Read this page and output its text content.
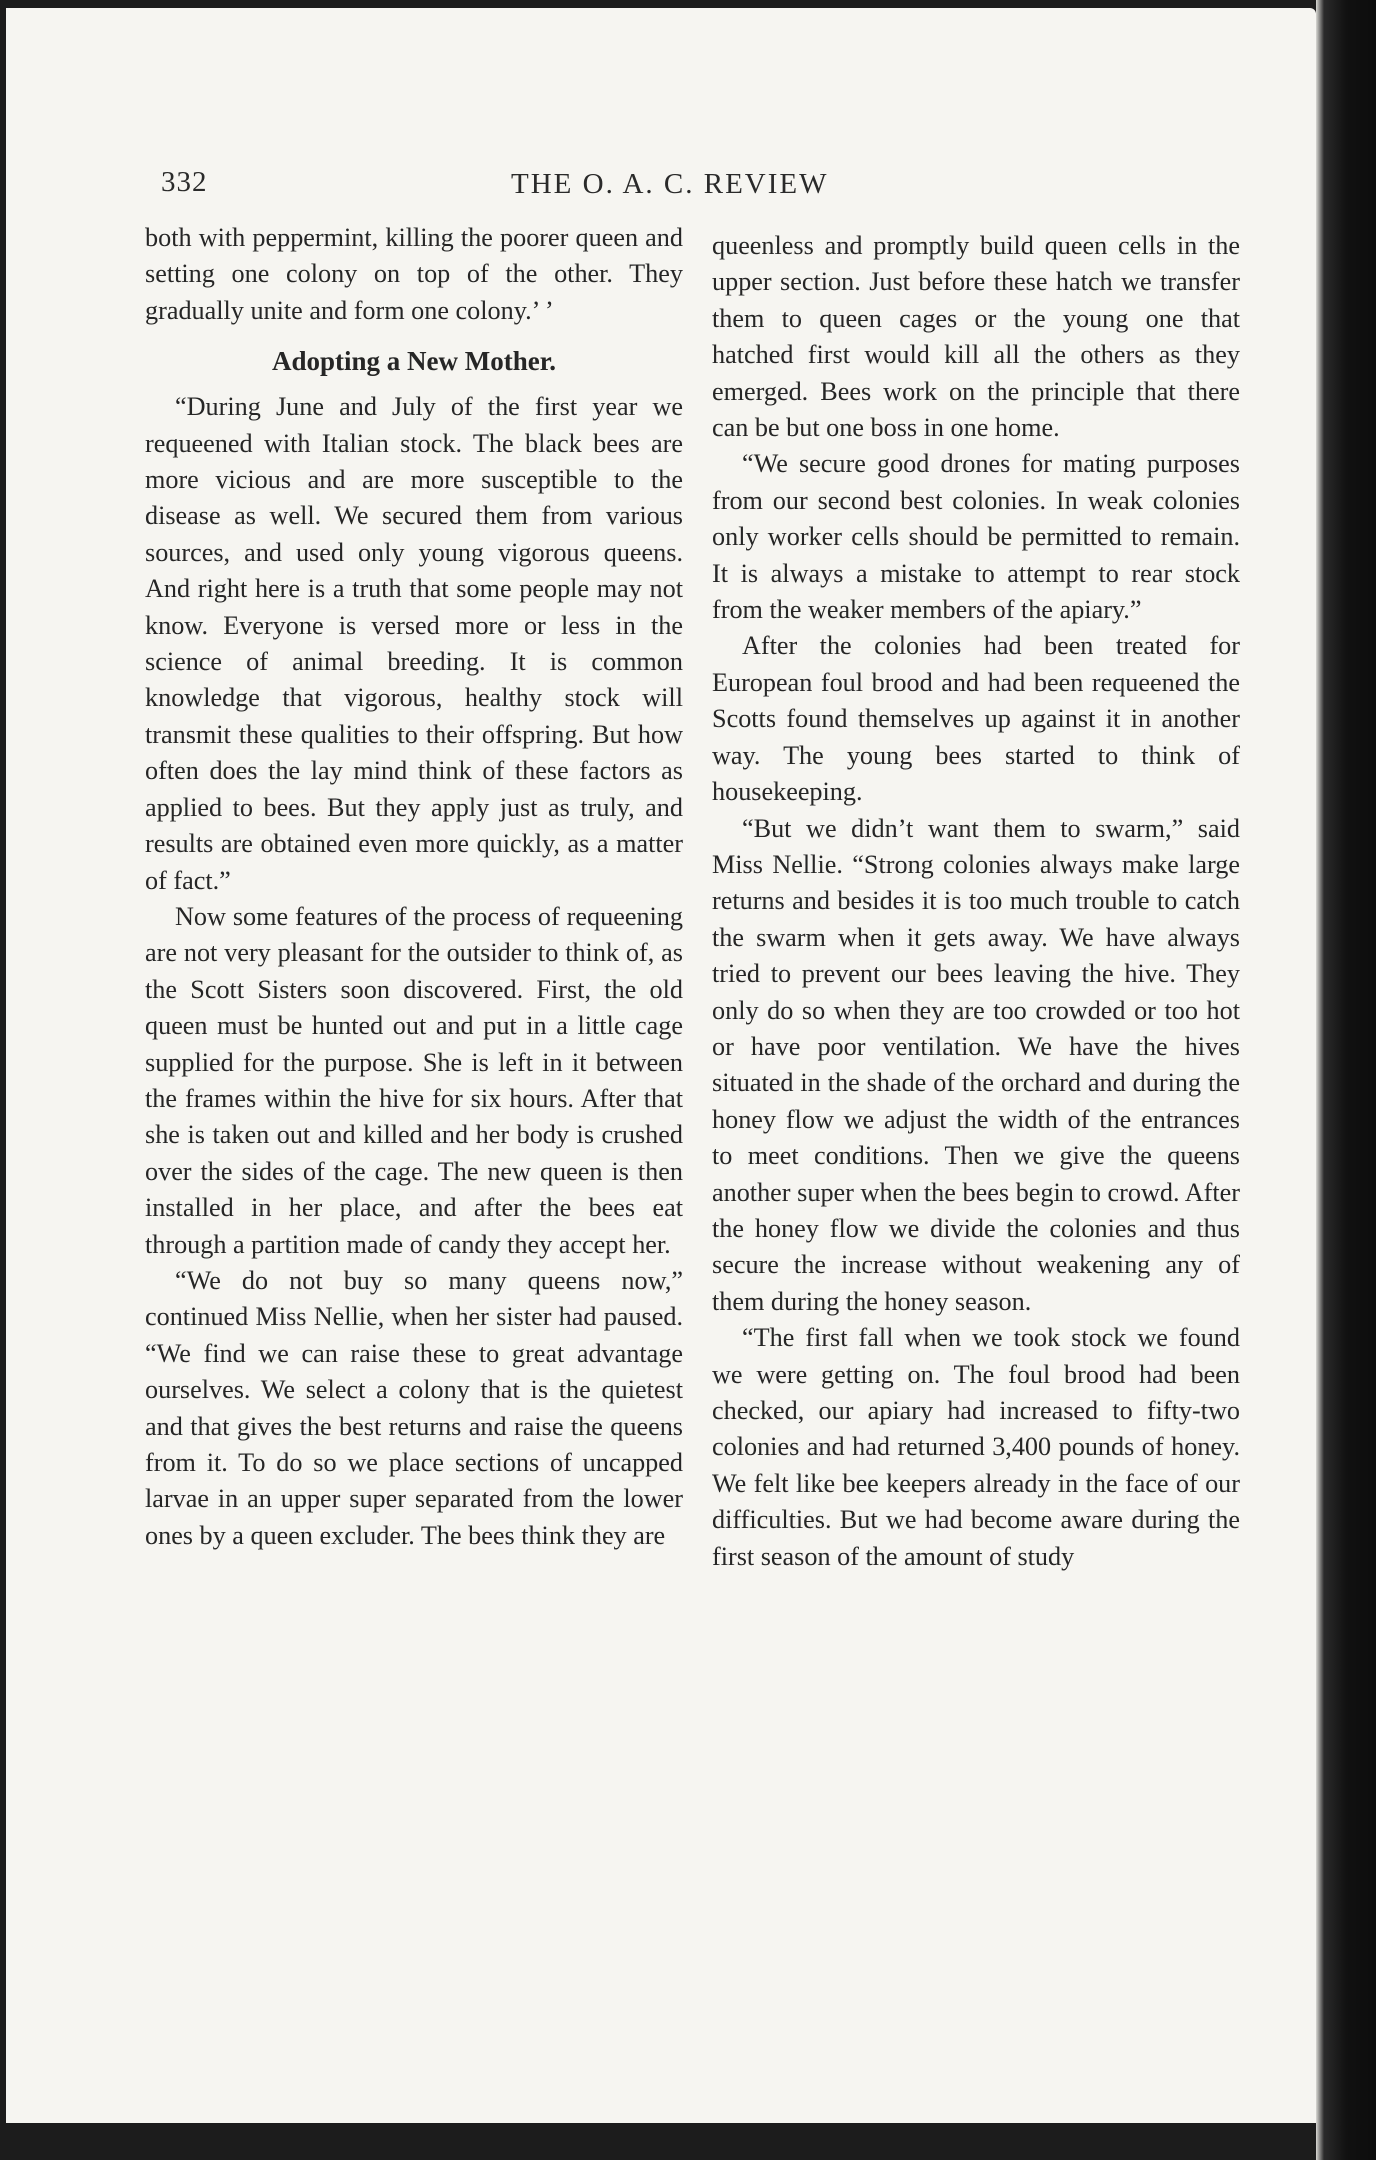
332	THE O. A. C. REVIEW

both with peppermint, killing the poorer queen and setting one colony on top of the other. They gradually unite and form one colony.’ ’

Adopting a New Mother.

“During June and July of the first year we requeened with Italian stock. The black bees are more vicious and are more susceptible to the disease as well. We secured them from various sources, and used only young vigorous queens. And right here is a truth that some people may not know. Everyone is versed more or less in the science of animal breeding. It is common knowledge that vigorous, healthy stock will transmit these qualities to their offspring. But how often does the lay mind think of these factors as applied to bees. But they apply just as truly, and results are obtained even more quickly, as a matter of fact.”

Now some features of the process of requeening are not very pleasant for the outsider to think of, as the Scott Sisters soon discovered. First, the old queen must be hunted out and put in a little cage supplied for the purpose. She is left in it between the frames within the hive for six hours. After that she is taken out and killed and her body is crushed over the sides of the cage. The new queen is then installed in her place, and after the bees eat through a partition made of candy they accept her.

“We do not buy so many queens now,” continued Miss Nellie, when her sister had paused. “We find we can raise these to great advantage ourselves. We select a colony that is the quietest and that gives the best returns and raise the queens from it. To do so we place sections of uncapped larvae in an upper super separated from the lower ones by a queen excluder. The bees think they are

queenless and promptly build queen cells in the upper section. Just before these hatch we transfer them to queen cages or the young one that hatched first would kill all the others as they emerged. Bees work on the principle that there can be but one boss in one home.

“We secure good drones for mating purposes from our second best colonies. In weak colonies only worker cells should be permitted to remain. It is always a mistake to attempt to rear stock from the weaker members of the apiary.”

After the colonies had been treated for European foul brood and had been requeened the Scotts found themselves up against it in another way. The young bees started to think of housekeeping.

“But we didn’t want them to swarm,” said Miss Nellie. “Strong colonies always make large returns and besides it is too much trouble to catch the swarm when it gets away. We have always tried to prevent our bees leaving the hive. They only do so when they are too crowded or too hot or have poor ventilation. We have the hives situated in the shade of the orchard and during the honey flow we adjust the width of the entrances to meet conditions. Then we give the queens another super when the bees begin to crowd. After the honey flow we divide the colonies and thus secure the increase without weakening any of them during the honey season.

“The first fall when we took stock we found we were getting on. The foul brood had been checked, our apiary had increased to fifty-two colonies and had returned 3,400 pounds of honey. We felt like bee keepers already in the face of our difficulties. But we had become aware during the first season of the amount of study
